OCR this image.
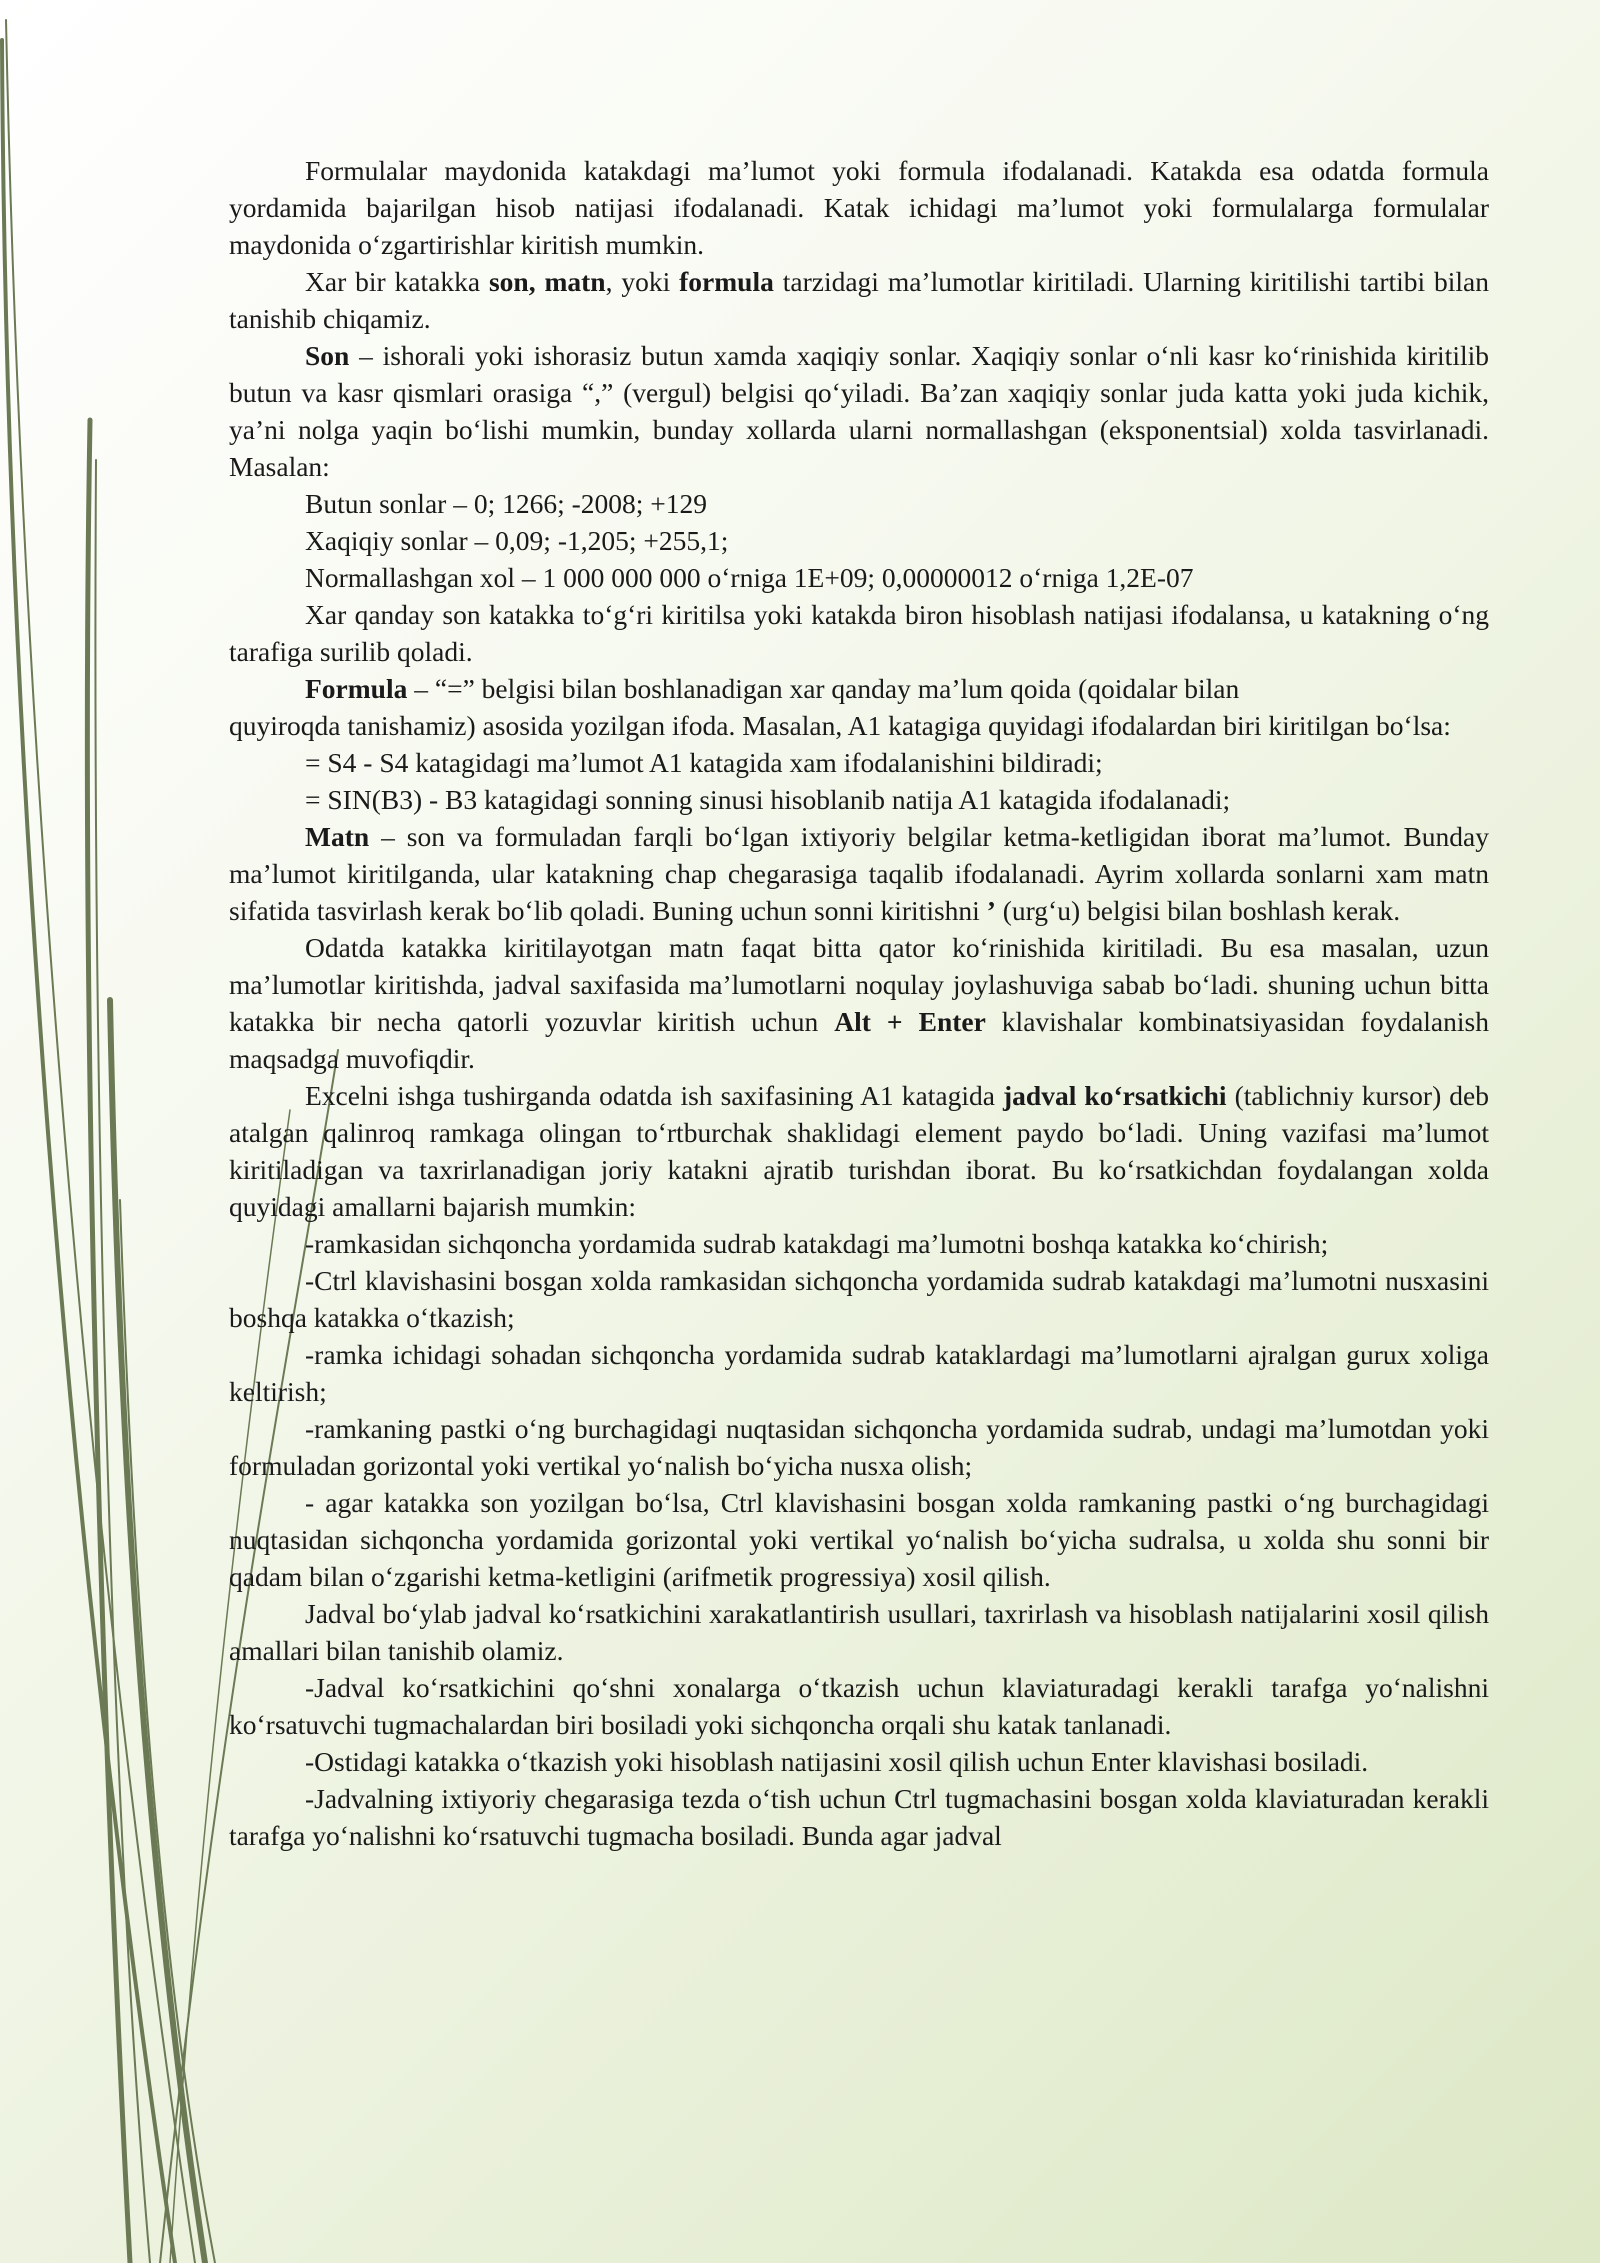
Formulalar maydonida katakdagi ma’lumot yoki formula ifodalanadi. Katakda esa odatda formula yordamida bajarilgan hisob natijasi ifodalanadi. Katak ichidagi ma’lumot yoki formulalarga formulalar maydonida o‘zgartirishlar kiritish mumkin.

Xar bir katakka son, matn, yoki formula tarzidagi ma’lumotlar kiritiladi. Ularning kiritilishi tartibi bilan tanishib chiqamiz.

Son – ishorali yoki ishorasiz butun xamda xaqiqiy sonlar. Xaqiqiy sonlar o‘nli kasr ko‘rinishida kiritilib butun va kasr qismlari orasiga “,” (vergul) belgisi qo‘yiladi. Ba’zan xaqiqiy sonlar juda katta yoki juda kichik, ya’ni nolga yaqin bo‘lishi mumkin, bunday xollarda ularni normallashgan (eksponentsial) xolda tasvirlanadi. Masalan:

Butun sonlar – 0; 1266; -2008; +129

Xaqiqiy sonlar – 0,09; -1,205; +255,1;

Normallashgan xol – 1 000 000 000 o‘rniga 1E+09; 0,00000012 o‘rniga 1,2E-07

Xar qanday son katakka to‘g‘ri kiritilsa yoki katakda biron hisoblash natijasi ifodalansa, u katakning o‘ng tarafiga surilib qoladi.

Formula – “=” belgisi bilan boshlanadigan xar qanday ma’lum qoida (qoidalar bilan

quyiroqda tanishamiz) asosida yozilgan ifoda. Masalan, A1 katagiga quyidagi ifodalardan biri kiritilgan bo‘lsa:

= S4 - S4 katagidagi ma’lumot A1 katagida xam ifodalanishini bildiradi;

= SIN(B3) - B3 katagidagi sonning sinusi hisoblanib natija A1 katagida ifodalanadi;

Matn – son va formuladan farqli bo‘lgan ixtiyoriy belgilar ketma-ketligidan iborat ma’lumot. Bunday ma’lumot kiritilganda, ular katakning chap chegarasiga taqalib ifodalanadi. Ayrim xollarda sonlarni xam matn sifatida tasvirlash kerak bo‘lib qoladi. Buning uchun sonni kiritishni ’ (urg‘u) belgisi bilan boshlash kerak.

Odatda katakka kiritilayotgan matn faqat bitta qator ko‘rinishida kiritiladi. Bu esa masalan, uzun ma’lumotlar kiritishda, jadval saxifasida ma’lumotlarni noqulay joylashuviga sabab bo‘ladi. shuning uchun bitta katakka bir necha qatorli yozuvlar kiritish uchun Alt + Enter klavishalar kombinatsiyasidan foydalanish maqsadga muvofiqdir.

Excelni ishga tushirganda odatda ish saxifasining A1 katagida jadval ko‘rsatkichi (tablichniy kursor) deb atalgan qalinroq ramkaga olingan to‘rtburchak shaklidagi element paydo bo‘ladi. Uning vazifasi ma’lumot kiritiladigan va taxrirlanadigan joriy katakni ajratib turishdan iborat. Bu ko‘rsatkichdan foydalangan xolda quyidagi amallarni bajarish mumkin:

-ramkasidan sichqoncha yordamida sudrab katakdagi ma’lumotni boshqa katakka ko‘chirish;

-Ctrl klavishasini bosgan xolda ramkasidan sichqoncha yordamida sudrab katakdagi ma’lumotni nusxasini boshqa katakka o‘tkazish;

-ramka ichidagi sohadan sichqoncha yordamida sudrab kataklardagi ma’lumotlarni ajralgan gurux xoliga keltirish;

-ramkaning pastki o‘ng burchagidagi nuqtasidan sichqoncha yordamida sudrab, undagi ma’lumotdan yoki formuladan gorizontal yoki vertikal yo‘nalish bo‘yicha nusxa olish;

- agar katakka son yozilgan bo‘lsa, Ctrl klavishasini bosgan xolda ramkaning pastki o‘ng burchagidagi nuqtasidan sichqoncha yordamida gorizontal yoki vertikal yo‘nalish bo‘yicha sudralsa, u xolda shu sonni bir qadam bilan o‘zgarishi ketma-ketligini (arifmetik progressiya) xosil qilish.

Jadval bo‘ylab jadval ko‘rsatkichini xarakatlantirish usullari, taxrirlash va hisoblash natijalarini xosil qilish amallari bilan tanishib olamiz.

-Jadval ko‘rsatkichini qo‘shni xonalarga o‘tkazish uchun klaviaturadagi kerakli tarafga yo‘nalishni ko‘rsatuvchi tugmachalardan biri bosiladi yoki sichqoncha orqali shu katak tanlanadi.

-Ostidagi katakka o‘tkazish yoki hisoblash natijasini xosil qilish uchun Enter klavishasi bosiladi.

-Jadvalning ixtiyoriy chegarasiga tezda o‘tish uchun Ctrl tugmachasini bosgan xolda klaviaturadan kerakli tarafga yo‘nalishni ko‘rsatuvchi tugmacha bosiladi. Bunda agar jadval
